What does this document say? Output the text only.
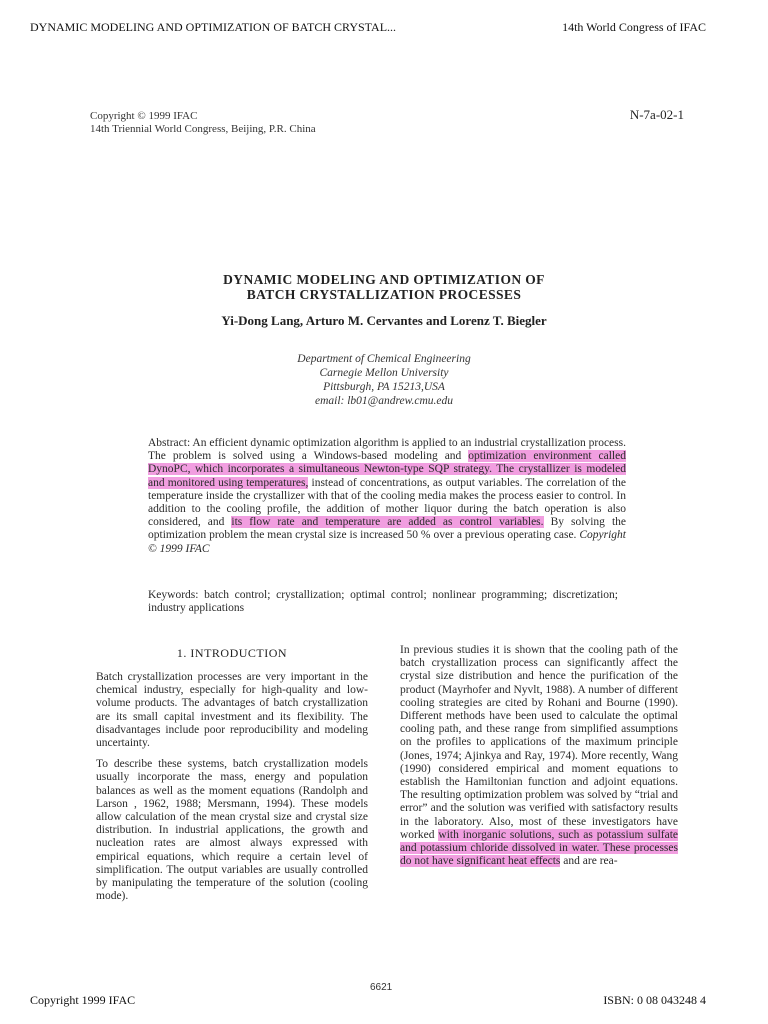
DYNAMIC MODELING AND OPTIMIZATION OF BATCH CRYSTAL...	14th World Congress of IFAC
Copyright © 1999 IFAC
14th Triennial World Congress, Beijing, P.R. China
N-7a-02-1
DYNAMIC MODELING AND OPTIMIZATION OF
BATCH CRYSTALLIZATION PROCESSES
Yi-Dong Lang, Arturo M. Cervantes and Lorenz T. Biegler
Department of Chemical Engineering
Carnegie Mellon University
Pittsburgh, PA 15213,USA
email: lb01@andrew.cmu.edu
Abstract: An efficient dynamic optimization algorithm is applied to an industrial crystallization process. The problem is solved using a Windows-based modeling and optimization environment called DynoPC, which incorporates a simultaneous Newton-type SQP strategy. The crystallizer is modeled and monitored using temperatures, instead of concentrations, as output variables. The correlation of the temperature inside the crystallizer with that of the cooling media makes the process easier to control. In addition to the cooling profile, the addition of mother liquor during the batch operation is also considered, and its flow rate and temperature are added as control variables. By solving the optimization problem the mean crystal size is increased 50 % over a previous operating case. Copyright © 1999 IFAC
Keywords: batch control; crystallization; optimal control; nonlinear programming; discretization; industry applications
1. INTRODUCTION

Batch crystallization processes are very important in the chemical industry, especially for high-quality and low-volume products. The advantages of batch crystallization are its small capital investment and its flexibility. The disadvantages include poor reproducibility and modeling uncertainty.

To describe these systems, batch crystallization models usually incorporate the mass, energy and population balances as well as the moment equations (Randolph and Larson , 1962, 1988; Mersmann, 1994). These models allow calculation of the mean crystal size and crystal size distribution. In industrial applications, the growth and nucleation rates are almost always expressed with empirical equations, which require a certain level of simplification. The output variables are usually controlled by manipulating the temperature of the solution (cooling mode).

In previous studies it is shown that the cooling path of the batch crystallization process can significantly affect the crystal size distribution and hence the purification of the product (Mayrhofer and Nyvlt, 1988). A number of different cooling strategies are cited by Rohani and Bourne (1990). Different methods have been used to calculate the optimal cooling path, and these range from simplified assumptions on the profiles to applications of the maximum principle (Jones, 1974; Ajinkya and Ray, 1974). More recently, Wang (1990) considered empirical and moment equations to establish the Hamiltonian function and adjoint equations. The resulting optimization problem was solved by “trial and error” and the solution was verified with satisfactory results in the laboratory. Also, most of these investigators have worked with inorganic solutions, such as potassium sulfate and potassium chloride dissolved in water. These processes do not have significant heat effects and are rea-
6621
Copyright 1999 IFAC	ISBN: 0 08 043248 4
